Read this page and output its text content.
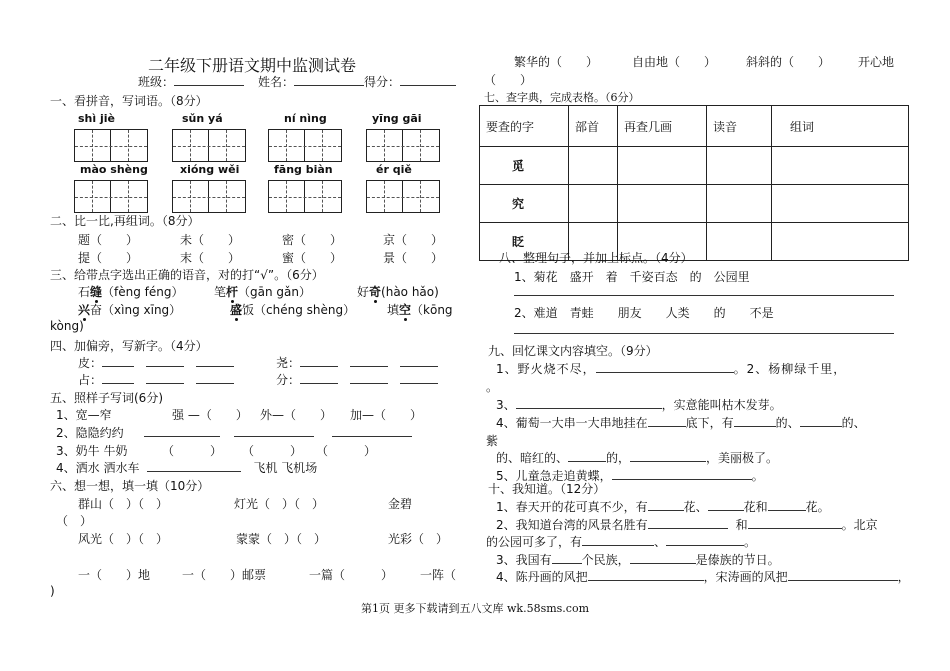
二年级下册语文期中监测试卷
班级：	姓名：	得分：
一、看拼音，写词语。（8分）
shì jiè	sǔn yá	ní nìng	yīng gāi
mào shèng	xióng wěi	fāng biàn	ér qiě
二、比一比,再组词。（8分）
题（　　）	未（　　）	密（　　）	京（　　）
提（　　）	末（　　）	蜜（　　）	景（　　）
三、给带点字选出正确的语音，对的打“√”。（6分）
石缝（fèng féng）	笔杆（gān gǎn）	好奇(hào hǎo)
兴奋（xìng xīng）	盛饭（chéng shèng）	填空（kōng
kòng)
四、加偏旁，写新字。（4分）
皮：	尧：
占：	分：
五、照样子写词(6分)
1、宽—窄	强 —（　　） 外—（　　） 加—（　　）
2、隐隐约约
3、奶牛 牛奶	（　　　） （　　　） （　　　）
4、洒水 洒水车	飞机 飞机场
六、想一想，填一填（10分）
群山（　）（　）	灯光（　）（　）	金碧
（　）
风光（　）（　）	蒙蒙（　）（　）	光彩（　）
一（　　）地	一（　　）邮票	一篇（　　　） 一阵（
)
繁华的（　　）	自由地（　　） 斜斜的（　　） 开心地
（　　）
七、查字典，完成表格。（6分）
要查的字	部首	再查几画	读音	组词
觅				
究				
眨				
八、整理句子，并加上标点。（4分）
1、菊花　盛开　着　千姿百态　的　公园里
2、难道　青蛙　　朋友　　人类　　的　　不是
九、回忆课文内容填空。（9分）
1、野火烧不尽，	。2、杨柳绿千里，
。
3、	，实意能叫枯木发芽。
4、葡萄一大串一大串地挂在	底下，有	的、	的、
紫
的、暗红的、	的，	，美丽极了。
5、儿童急走追黄蝶，	。
十、我知道。（12分）
1、春天开的花可真不少，有	花、	花和	花。
2、我知道台湾的风景名胜有	和	。北京
的公园可多了，有	、	。
3、我国有	个民族，	是傣族的节日。
4、陈丹画的风把	，宋涛画的风把	，
第1页 更多下载请到五八文库 wk.58sms.com
